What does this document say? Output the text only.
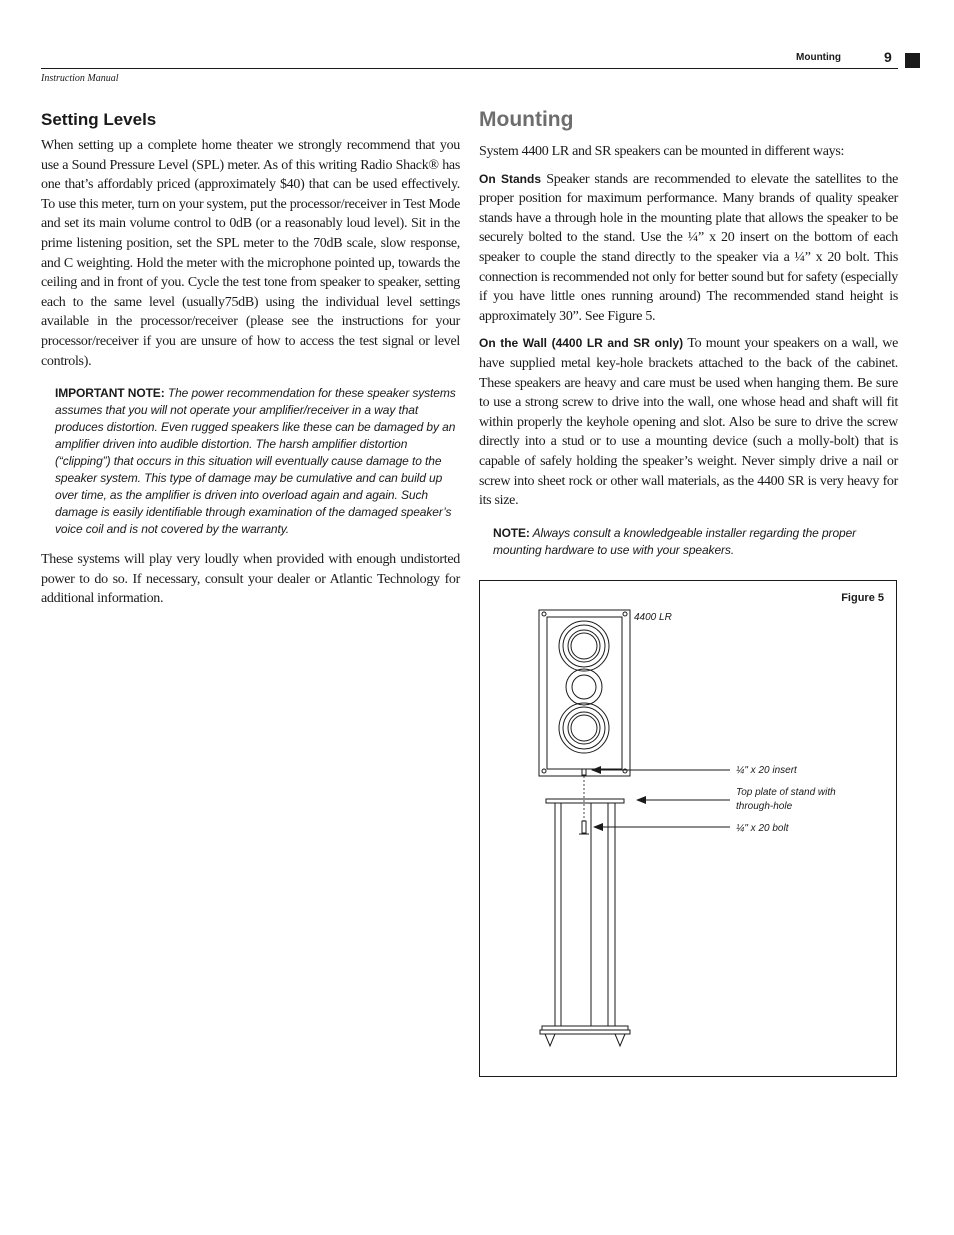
Mounting	9
Instruction Manual
Setting Levels

When setting up a complete home theater we strongly recommend that you use a Sound Pressure Level (SPL) meter. As of this writing Radio Shack® has one that’s affordably priced (approximately $40) that can be used effectively. To use this meter, turn on your system, put the processor/receiver in Test Mode and set its main volume control to 0dB (or a reasonably loud level). Sit in the prime listening position, set the SPL meter to the 70dB scale, slow response, and C weighting. Hold the meter with the microphone pointed up, towards the ceiling and in front of you. Cycle the test tone from speaker to speaker, setting each to the same level (usually75dB) using the individual level settings available in the processor/receiver (please see the instructions for your processor/receiver if you are unsure of how to access the test signal or level controls).

IMPORTANT NOTE: The power recommendation for these speaker systems assumes that you will not operate your amplifier/receiver in a way that produces distortion. Even rugged speakers like these can be damaged by an amplifier driven into audible distortion. The harsh amplifier distortion (“clipping”) that occurs in this situation will eventually cause damage to the speaker system. This type of damage may be cumulative and can build up over time, as the amplifier is driven into overload again and again. Such damage is easily identifiable through examination of the damaged speaker’s voice coil and is not covered by the warranty.

These systems will play very loudly when provided with enough undistorted power to do so. If necessary, consult your dealer or Atlantic Technology for additional information.

Mounting

System 4400 LR and SR speakers can be mounted in different ways:

On Stands Speaker stands are recommended to elevate the satellites to the proper position for maximum performance. Many brands of quality speaker stands have a through hole in the mounting plate that allows the speaker to be securely bolted to the stand. Use the ¼” x 20 insert on the bottom of each speaker to couple the stand directly to the speaker via a ¼” x 20 bolt. This connection is recommended not only for better sound but for safety (especially if you have little ones running around) The recommended stand height is approximately 30”. See Figure 5.

On the Wall (4400 LR and SR only) To mount your speakers on a wall, we have supplied metal key-hole brackets attached to the back of the cabinet. These speakers are heavy and care must be used when hanging them. Be sure to use a strong screw to drive into the wall, one whose head and shaft will fit within properly the keyhole opening and slot. Also be sure to drive the screw directly into a stud or to use a mounting device (such a molly-bolt) that is capable of safely holding the speaker’s weight. Never simply drive a nail or screw into sheet rock or other wall materials, as the 4400 SR is very heavy for its size.

NOTE: Always consult a knowledgeable installer regarding the proper mounting hardware to use with your speakers.
Figure 5
4400 LR
¼" x 20 insert
Top plate of stand with through-hole
¼" x 20 bolt
